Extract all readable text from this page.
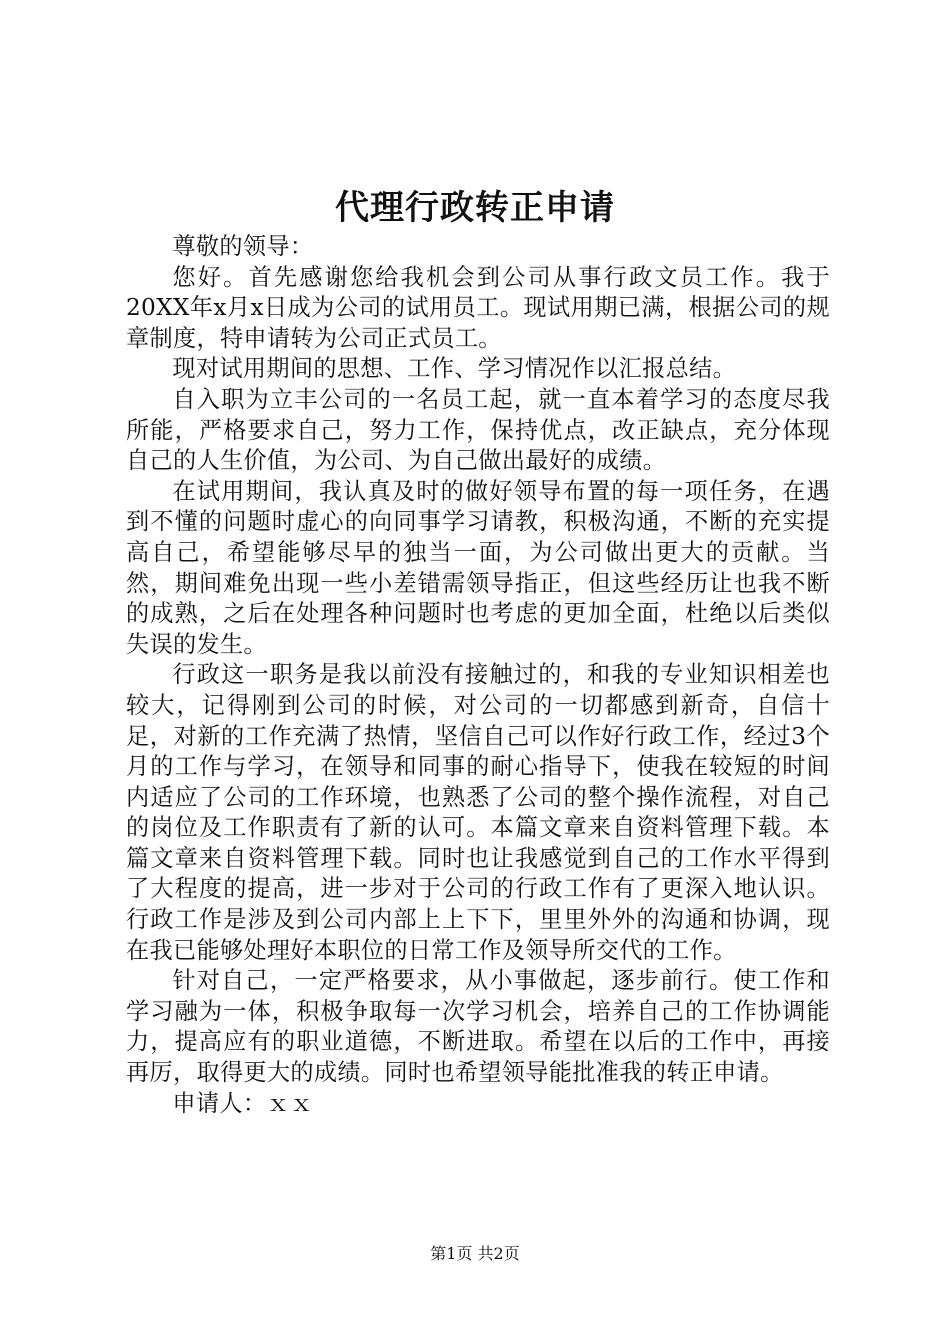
代理行政转正申请

尊敬的领导：

您好。首先感谢您给我机会到公司从事行政文员工作。我于20XX年x月x日成为公司的试用员工。现试用期已满，根据公司的规章制度，特申请转为公司正式员工。

现对试用期间的思想、工作、学习情况作以汇报总结。

自入职为立丰公司的一名员工起，就一直本着学习的态度尽我所能，严格要求自己，努力工作，保持优点，改正缺点，充分体现自己的人生价值，为公司、为自己做出最好的成绩。

在试用期间，我认真及时的做好领导布置的每一项任务，在遇到不懂的问题时虚心的向同事学习请教，积极沟通，不断的充实提高自己，希望能够尽早的独当一面，为公司做出更大的贡献。当然，期间难免出现一些小差错需领导指正，但这些经历让也我不断的成熟，之后在处理各种问题时也考虑的更加全面，杜绝以后类似失误的发生。

行政这一职务是我以前没有接触过的，和我的专业知识相差也较大，记得刚到公司的时候，对公司的一切都感到新奇，自信十足，对新的工作充满了热情，坚信自己可以作好行政工作，经过3个月的工作与学习，在领导和同事的耐心指导下，使我在较短的时间内适应了公司的工作环境，也熟悉了公司的整个操作流程，对自己的岗位及工作职责有了新的认可。本篇文章来自资料管理下载。本篇文章来自资料管理下载。同时也让我感觉到自己的工作水平得到了大程度的提高，进一步对于公司的行政工作有了更深入地认识。行政工作是涉及到公司内部上上下下，里里外外的沟通和协调，现在我已能够处理好本职位的日常工作及领导所交代的工作。

针对自己，一定严格要求，从小事做起，逐步前行。使工作和学习融为一体，积极争取每一次学习机会，培养自己的工作协调能力，提高应有的职业道德，不断进取。希望在以后的工作中，再接再厉，取得更大的成绩。同时也希望领导能批准我的转正申请。

申请人：ｘｘ

第1页 共2页
